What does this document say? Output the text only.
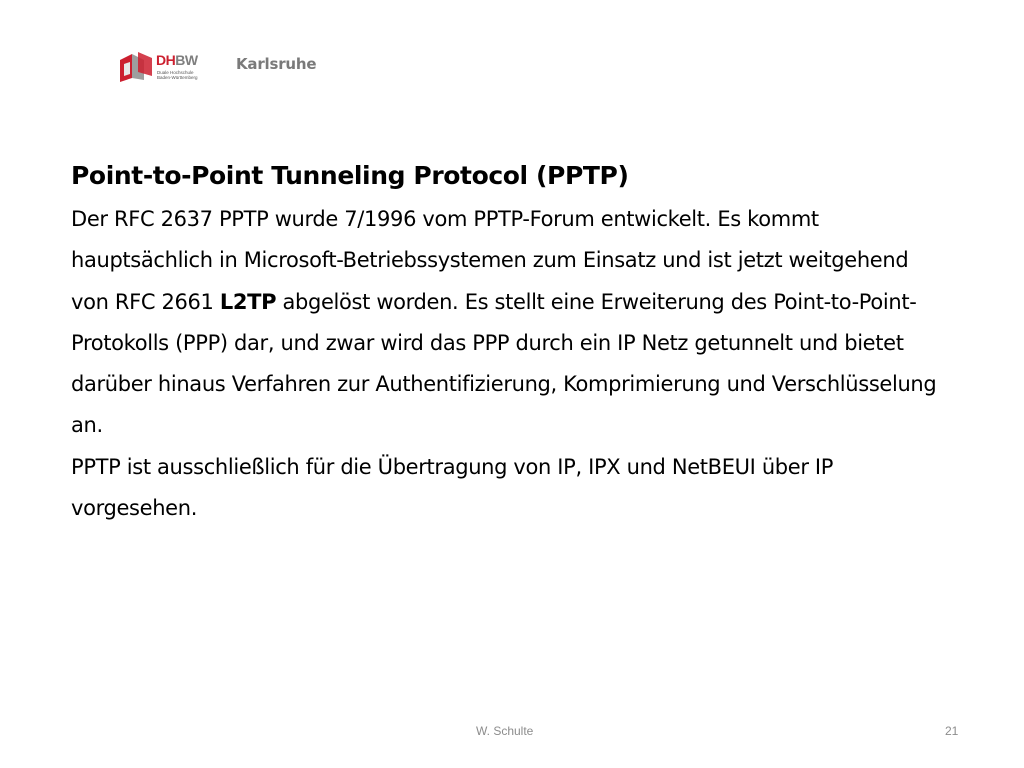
DHBW
Duale Hochschule
Baden-Württemberg
Karlsruhe

Point-to-Point Tunneling Protocol (PPTP)

Der RFC 2637 PPTP wurde 7/1996 vom PPTP-Forum entwickelt. Es kommt hauptsächlich in Microsoft-Betriebssystemen zum Einsatz und ist jetzt weitgehend von RFC 2661 L2TP abgelöst worden. Es stellt eine Erweiterung des Point-to-Point-Protokolls (PPP) dar, und zwar wird das PPP durch ein IP Netz getunnelt und bietet darüber hinaus Verfahren zur Authentifizierung, Komprimierung und Verschlüsselung an.

PPTP ist ausschließlich für die Übertragung von IP, IPX und NetBEUI über IP vorgesehen.

W. Schulte	21
